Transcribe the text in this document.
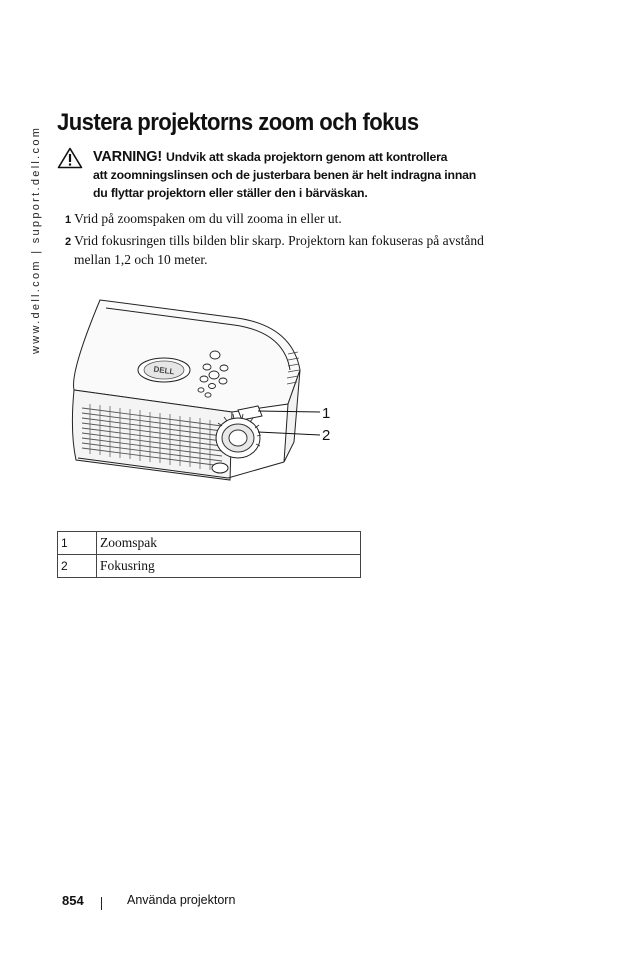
www.dell.com | support.dell.com
Justera projektorns zoom och fokus
VARNING! Undvik att skada projektorn genom att kontrollera
att zoomningslinsen och de justerbara benen är helt indragna innan
du flyttar projektorn eller ställer den i bärväskan.
1 Vrid på zoomspaken om du vill zooma in eller ut.
2 Vrid fokusringen tills bilden blir skarp. Projektorn kan fokuseras på avstånd
mellan 1,2 och 10 meter.
DELL
1
2
1	Zoomspak
2	Fokusring
854	Använda projektorn
